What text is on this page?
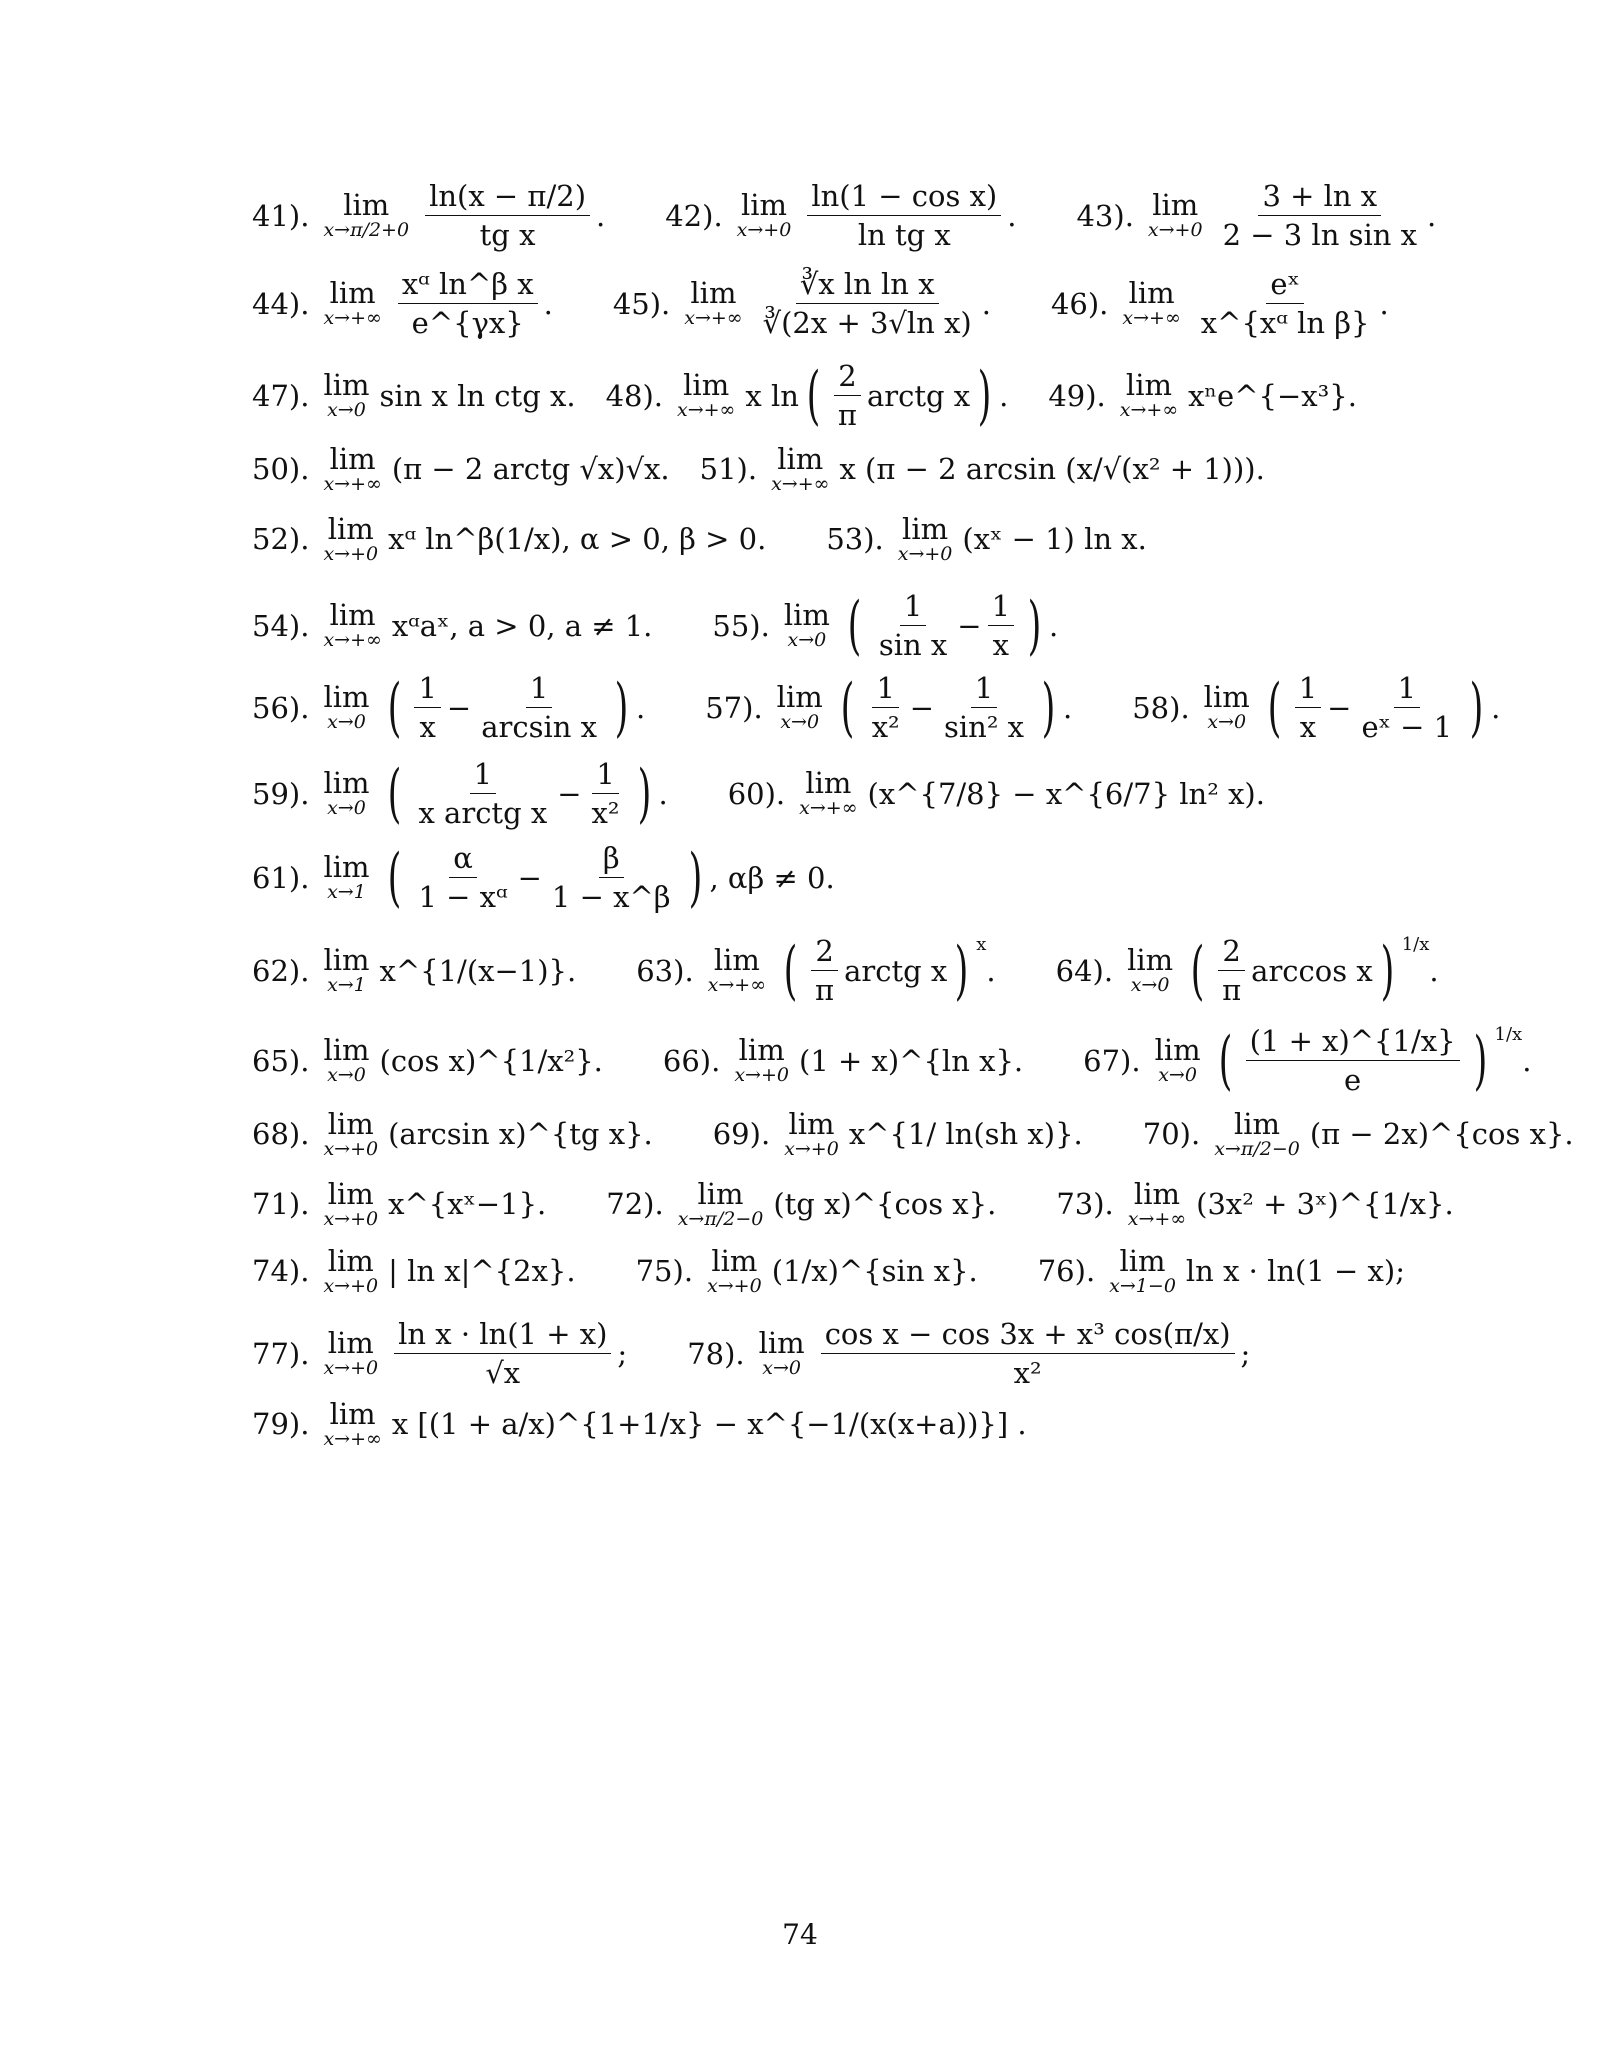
41). lim
$x\to\pi/2+0 \frac{\ln(x - \pi/2)}{\text{tg x}}$ . 42). lim
$x\to+0 \frac{\text{ln(1 − cos x)}}{\text{ln tg x}}$ . 43). lim
$x\to+0 \frac{\text{3 + ln x}}{\text{2 − 3 ln sin x}}$ .
44). lim
$x\to+\infty \frac{\text{xᵅ ln\textasciicircum{}β x}}{e\^{}\{\gamma x\}}$ . 45). lim
$x\to+\infty \frac{\text{∛x ln ln x}}{\text{∛(2x + 3√ln x)}}$ . 46). lim
$x\to+\infty \frac{\text{eˣ}}{\text{x\textasciicircum{}\{xᵅ ln β\}}}$ .
47). lim
x→0 sin x ln ctg x. 48). lim
x→+∞ x ln ( $\frac{2}{\pi}$ arctg x ) . 49). lim
x→+∞ xⁿe^{−x³}.
50). lim
x→+∞ (π − 2 arctg √x)√x. 51). lim
x→+∞ x (π − 2 arcsin (x/√(x² + 1))).
52). lim
x→+0 xᵅ ln^β(1/x), α > 0, β > 0. 53). lim
x→+0 (xˣ − 1) ln x.
54). lim
x→+∞ xᵅaˣ, a > 0, a ≠ 1. 55). lim
x→0 ( $\frac{1}{\text{sin x}} - \frac{1}{x}$ ) .
56). lim
x→0 ( $\frac{1}{x} - \frac{1}{\text{arcsin x}}$ ) . 57). lim
x→0 ( $\frac{1}{\text{x²}} - \frac{1}{\text{sin² x}}$ ) . 58). lim
x→0 ( $\frac{1}{x} - \frac{1}{\text{eˣ − 1}}$ ) .
59). lim
x→0 ( $\frac{1}{\text{x arctg x}} - \frac{1}{\text{x²}}$ ) . 60). lim
x→+∞ (x^{7/8} − x^{6/7} ln² x).
61). lim
x→1 ( $\frac{\alpha}{\text{1 − xᵅ}} - \frac{\beta}{1 - x\^{}\beta}$ ) , αβ ≠ 0.
62). lim
x→1 x^{1/(x−1)}. 63). lim
x→+∞ ( $\frac{2}{\pi}$ arctg x ) $^x$
. 64). lim
x→0 ( $\frac{2}{\pi}$ arccos x ) $^{1/x}$
.
65). lim
x→0 (cos x)^{1/x²}. 66). lim
x→+0 (1 + x)^{ln x}. 67). lim
x→0 ( $\frac{(1 + x)\^{}\{1/x\}}{e}$ ) $^{1/x}$
.
68). lim
x→+0 (arcsin x)^{tg x}. 69). lim
x→+0 x^{1/ ln(sh x)}. 70). lim
x→π/2−0 (π − 2x)^{cos x}.
71). lim
x→+0 x^{xˣ−1}. 72). lim
x→π/2−0 (tg x)^{cos x}. 73). lim
x→+∞ (3x² + 3ˣ)^{1/x}.
74). lim
x→+0 | ln x|^{2x}. 75). lim
x→+0 (1/x)^{sin x}. 76). lim
x→1−0 ln x · ln(1 − x);
77). lim
$x\to+0 \frac{\text{ln x · ln(1 + x)}}{√x}$ ; 78). lim
$x\to 0 \frac{\text{cos x − cos 3x + x³ cos(π/x)}}{\text{x²}}$ ;
79). lim
x→+∞ x [(1 + a/x)^{1+1/x} − x^{−1/(x(x+a))}] .
74
